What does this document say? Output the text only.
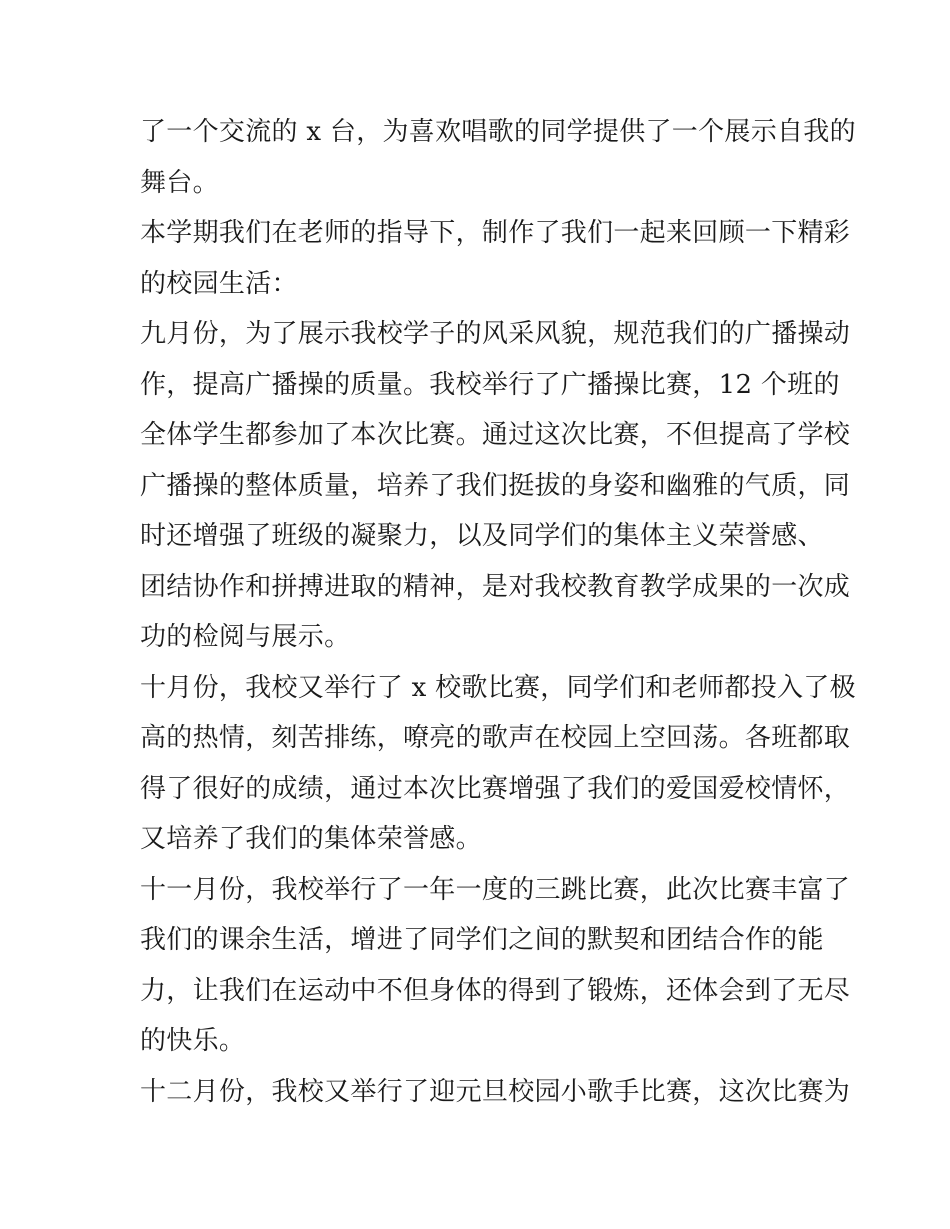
了一个交流的 x 台，为喜欢唱歌的同学提供了一个展示自我的
舞台。
本学期我们在老师的指导下，制作了我们一起来回顾一下精彩
的校园生活：
九月份，为了展示我校学子的风采风貌，规范我们的广播操动
作，提高广播操的质量。我校举行了广播操比赛，12 个班的
全体学生都参加了本次比赛。通过这次比赛，不但提高了学校
广播操的整体质量，培养了我们挺拔的身姿和幽雅的气质，同
时还增强了班级的凝聚力，以及同学们的集体主义荣誉感、
团结协作和拼搏进取的精神，是对我校教育教学成果的一次成
功的检阅与展示。
十月份，我校又举行了 x 校歌比赛，同学们和老师都投入了极
高的热情，刻苦排练，嘹亮的歌声在校园上空回荡。各班都取
得了很好的成绩，通过本次比赛增强了我们的爱国爱校情怀，
又培养了我们的集体荣誉感。
十一月份，我校举行了一年一度的三跳比赛，此次比赛丰富了
我们的课余生活，增进了同学们之间的默契和团结合作的能
力，让我们在运动中不但身体的得到了锻炼，还体会到了无尽
的快乐。
十二月份，我校又举行了迎元旦校园小歌手比赛，这次比赛为
